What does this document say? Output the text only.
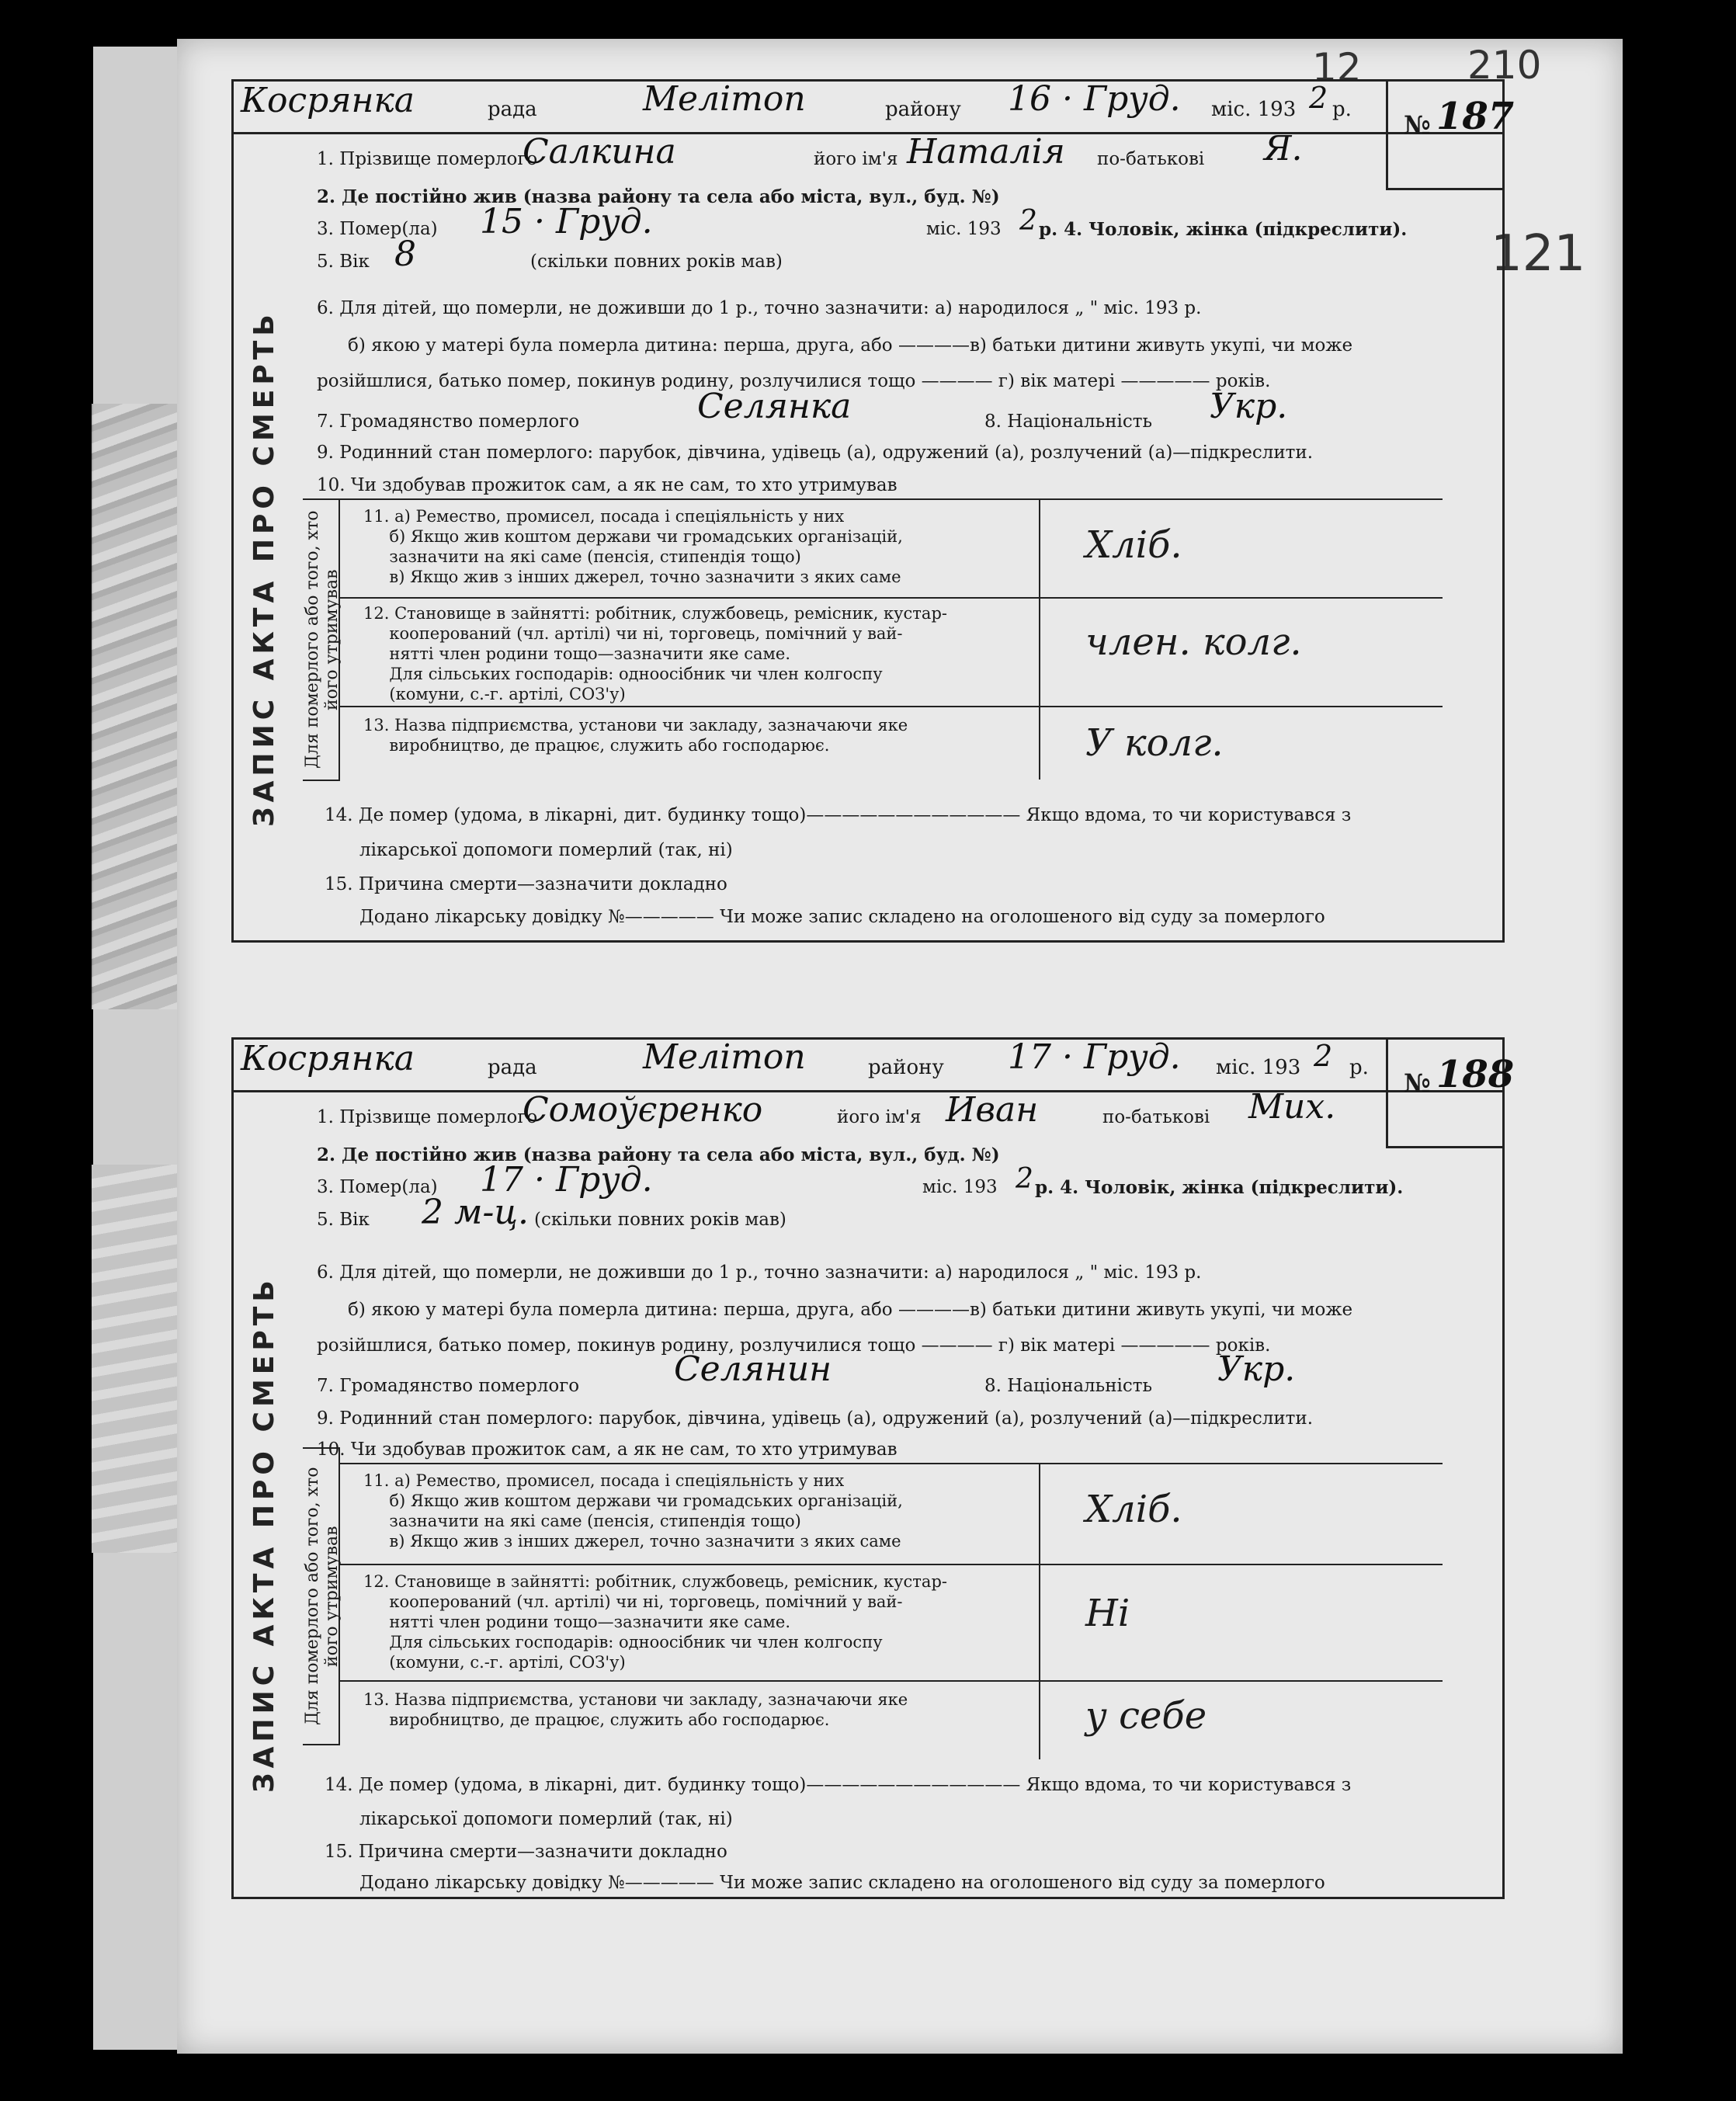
12	210
121
Косрянка	рада	Мелітоп	району 16 · Груд. міс. 193 2 р.
№ 187
ЗАПИС АКТА ПРО СМЕРТЬ	Для померлого або того, хто його утримував
1. Прізвище померлого
Салкина	його ім'я Наталія по-батькові Я.
2. Де постійно жив (назва району та села або міста, вул., буд. №)
3. Помер(ла) 15 · Груд.	міс. 193 2 р. 4. Чоловік, жінка (підкреслити).
5. Вік 8	(скільки повних років мав)
6. Для дітей, що померли, не доживши до 1 р., точно зазначити: а) народилося „ " міс. 193 р.
б) якою у матері була померла дитина: перша, друга, або ————в) батьки дитини живуть укупі, чи може
розійшлися, батько помер, покинув родину, розлучилися тощо ———— г) вік матері ————— років.
7. Громадянство померлого	Селянка	8. Національність Укр.
9. Родинний стан померлого: парубок, дівчина, удівець (а), одружений (а), розлучений (а)—підкреслити.
10. Чи здобував прожиток сам, а як не сам, то хто утримував
11. а) Ремество, промисел, посада і спеціяльність у них
б) Якщо жив коштом держави чи громадських організацій,
зазначити на які саме (пенсія, стипендія тощо)
в) Якщо жив з інших джерел, точно зазначити з яких саме
Хліб.
12. Становище в зайнятті: робітник, службовець, ремісник, кустар-
кооперований (чл. артілі) чи ні, торговець, помічний у вай-
нятті член родини тощо—зазначити яке саме.
Для сільських господарів: одноосібник чи член колгоспу
(комуни, с.-г. артілі, СОЗ'у)
член. колг.
13. Назва підприємства, установи чи закладу, зазначаючи яке
виробництво, де працює, служить або господарює.	У колг.
14. Де помер (удома, в лікарні, дит. будинку тощо)———————————— Якщо вдома, то чи користувався з
лікарської допомоги померлий (так, ні)
15. Причина смерти—зазначити докладно
Додано лікарську довідку №————— Чи може запис складено на оголошеного від суду за померлого
Косрянка	рада	Мелітоп	району 17 · Груд. міс. 193 2 р.
№ 188
ЗАПИС АКТА ПРО СМЕРТЬ	Для померлого або того, хто його утримував
1. Прізвище померлого
Сомоўєренко	його ім'я Иван	по-батькові Мих.
2. Де постійно жив (назва району та села або міста, вул., буд. №)
3. Помер(ла) 17 · Груд.	міс. 193 2 р. 4. Чоловік, жінка (підкреслити).
5. Вік 2 м-ц. (скільки повних років мав)
6. Для дітей, що померли, не доживши до 1 р., точно зазначити: а) народилося „ " міс. 193 р.
б) якою у матері була померла дитина: перша, друга, або ————в) батьки дитини живуть укупі, чи може
розійшлися, батько помер, покинув родину, розлучилися тощо ———— г) вік матері ————— років.
7. Громадянство померлого	Селянин	8. Національність Укр.
9. Родинний стан померлого: парубок, дівчина, удівець (а), одружений (а), розлучений (а)—підкреслити.
10. Чи здобував прожиток сам, а як не сам, то хто утримував
11. а) Ремество, промисел, посада і спеціяльність у них
б) Якщо жив коштом держави чи громадських організацій,
зазначити на які саме (пенсія, стипендія тощо)
в) Якщо жив з інших джерел, точно зазначити з яких саме
Хліб.
12. Становище в зайнятті: робітник, службовець, ремісник, кустар-
кооперований (чл. артілі) чи ні, торговець, помічний у вай-
нятті член родини тощо—зазначити яке саме.
Для сільських господарів: одноосібник чи член колгоспу
(комуни, с.-г. артілі, СОЗ'у)
Ні
13. Назва підприємства, установи чи закладу, зазначаючи яке
виробництво, де працює, служить або господарює.	у себе
14. Де помер (удома, в лікарні, дит. будинку тощо)———————————— Якщо вдома, то чи користувався з
лікарської допомоги померлий (так, ні)
15. Причина смерти—зазначити докладно
Додано лікарську довідку №————— Чи може запис складено на оголошеного від суду за померлого
